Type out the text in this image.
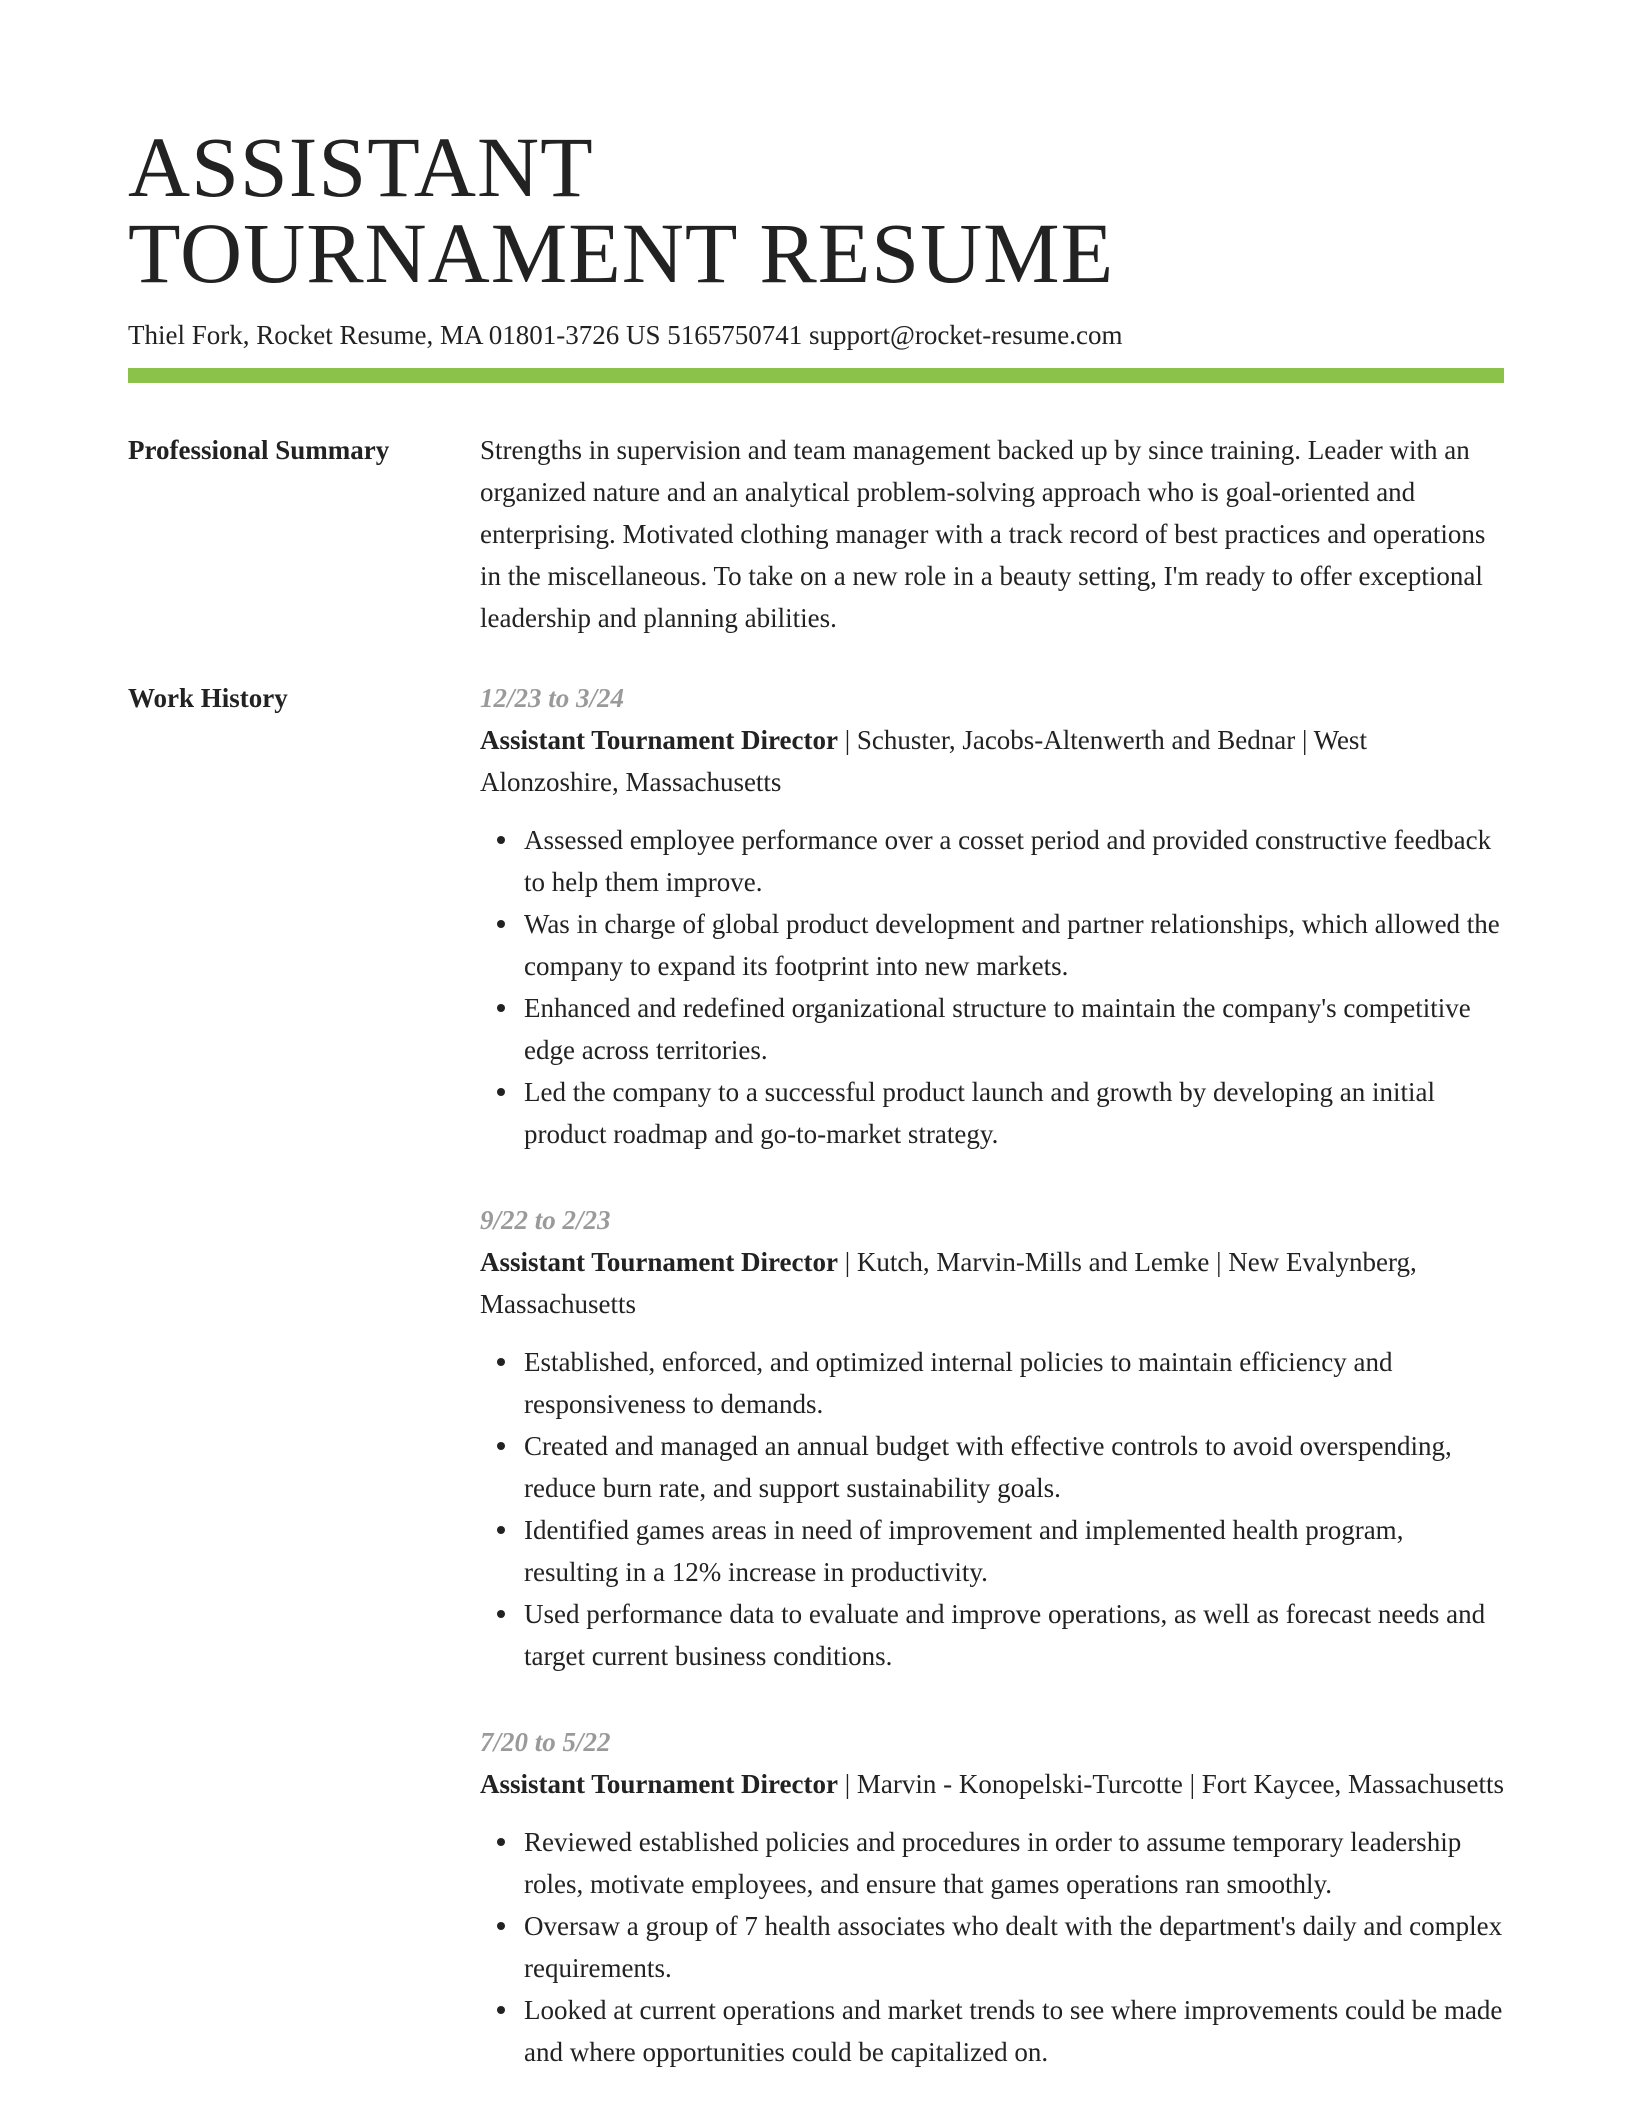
ASSISTANT
TOURNAMENT RESUME
Thiel Fork, Rocket Resume, MA 01801-3726 US 5165750741 support@rocket-resume.com
Professional Summary	Strengths in supervision and team management backed up by since training. Leader with an organized nature and an analytical problem-solving approach who is goal-oriented and enterprising. Motivated clothing manager with a track record of best practices and operations in the miscellaneous. To take on a new role in a beauty setting, I'm ready to offer exceptional leadership and planning abilities.

Work History	12/23 to 3/24
Assistant Tournament Director | Schuster, Jacobs-Altenwerth and Bednar | West Alonzoshire, Massachusetts
Assessed employee performance over a cosset period and provided constructive feedback to help them improve.
Was in charge of global product development and partner relationships, which allowed the company to expand its footprint into new markets.
Enhanced and redefined organizational structure to maintain the company's competitive edge across territories.
Led the company to a successful product launch and growth by developing an initial product roadmap and go-to-market strategy.
9/22 to 2/23
Assistant Tournament Director | Kutch, Marvin-Mills and Lemke | New Evalynberg, Massachusetts
Established, enforced, and optimized internal policies to maintain efficiency and responsiveness to demands.
Created and managed an annual budget with effective controls to avoid overspending, reduce burn rate, and support sustainability goals.
Identified games areas in need of improvement and implemented health program, resulting in a 12% increase in productivity.
Used performance data to evaluate and improve operations, as well as forecast needs and target current business conditions.
7/20 to 5/22
Assistant Tournament Director | Marvin - Konopelski-Turcotte | Fort Kaycee, Massachusetts
Reviewed established policies and procedures in order to assume temporary leadership roles, motivate employees, and ensure that games operations ran smoothly.
Oversaw a group of 7 health associates who dealt with the department's daily and complex requirements.
Looked at current operations and market trends to see where improvements could be made and where opportunities could be capitalized on.
